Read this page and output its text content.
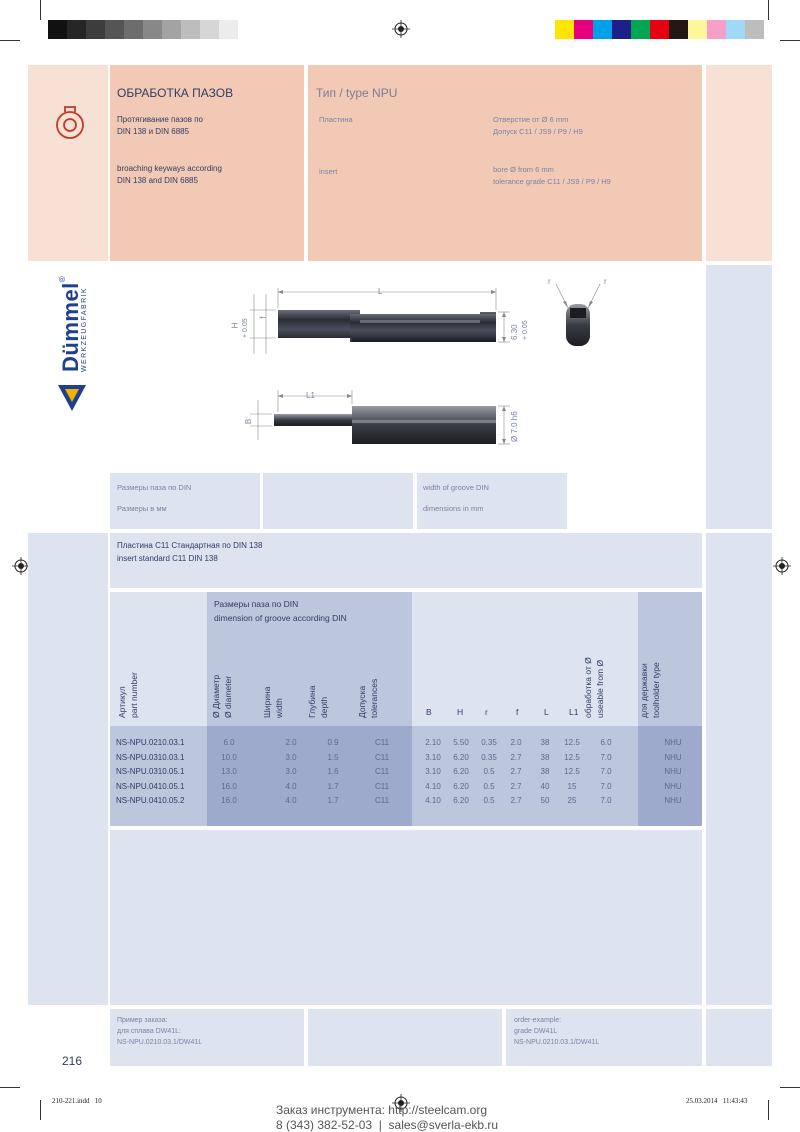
ОБРАБОТКА ПАЗОВ
Протягивание пазов по
DIN 138 и DIN 6885
broaching keyways according
DIN 138 and DIN 6885
Тип / type NPU
Пластина
insert
Отверстие от Ø 6 mm
Допуск С11 / JS9 / P9 / H9
bore Ø from 6 mm
tolerance grade C11 / JS9 / P9 / H9
Dümmel®
WERKZEUGFABRIK	L
L1
H + 0.05
f
B
6.30 + 0.05
Ø 7.0 h6
r	r
Размеры паза по DIN
Размеры в мм
width of groove DIN
dimensions in mm
Пластина С11 Стандартная по DIN 138
insert standard C11 DIN 138
Размеры паза по DIN
dimension of groove according DIN
Артикул part number	Ø Диаметр Ø diameter	Ширина width	Глубина depth	Допуска tolerances	обработка от Ø useable from Ø	для державки toolholder type
B	H	r	f	L L1
NS-NPU.0210.03.1	6.0	2.0	0.9	C11	2.10	5.50	0.35	2.0	38	12.5	6.0	NHU
NS-NPU.0310.03.1	10.0	3.0	1.5	C11	3.10	6.20	0.35	2.7	38	12.5	7.0	NHU
NS-NPU.0310.05.1	13.0	3.0	1.6	C11	3.10	6.20	0.5	2.7	38	12.5	7.0	NHU
NS-NPU.0410.05.1	16.0	4.0	1.7	C11	4.10	6.20	0.5	2.7	40	15	7.0	NHU
NS-NPU.0410.05.2	16.0	4.0	1.7	C11	4.10	6.20	0.5	2.7	50	25	7.0	NHU
Пример заказа:
для сплава DW41L:
NS-NPU.0210.03.1/DW41L
order-example:
grade DW41L
NS-NPU.0210.03.1/DW41L
216
210-221.indd   10	25.03.2014   11:43:43
Заказ инструмента: http://steelcam.org
8 (343) 382-52-03  |  sales@sverla-ekb.ru
